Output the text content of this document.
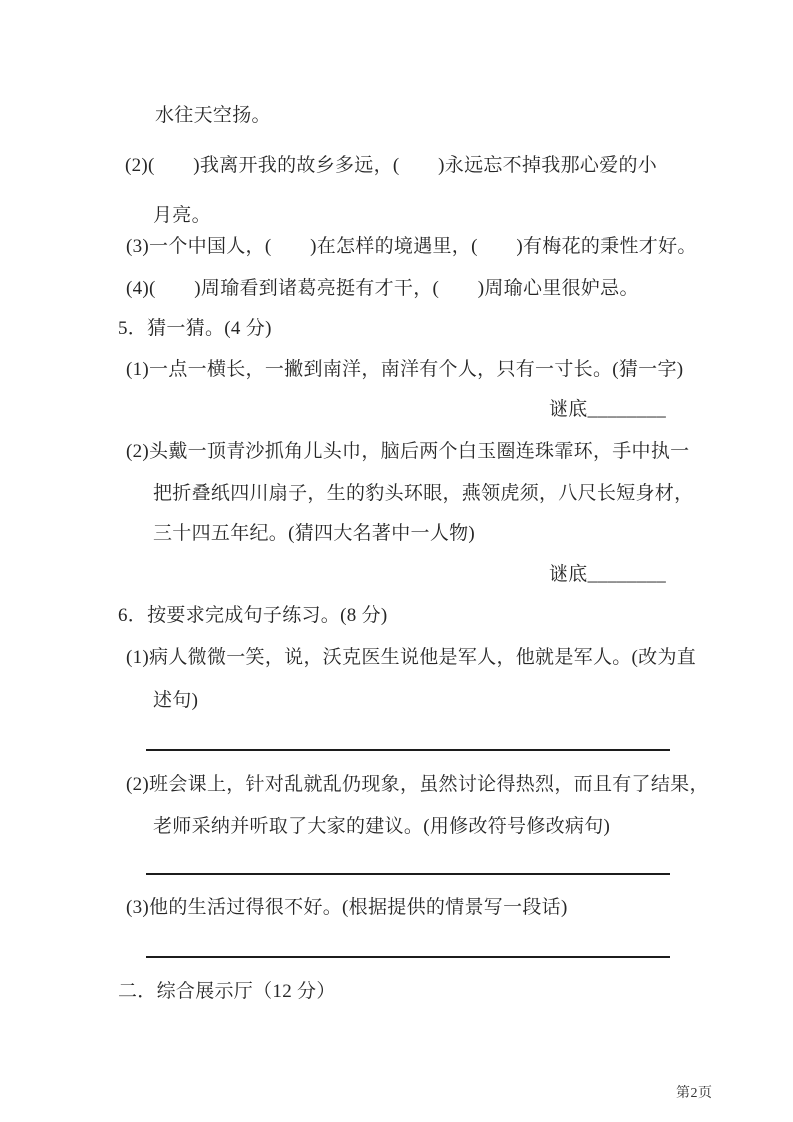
水往天空扬。
(2)(　　)我离开我的故乡多远，(　　)永远忘不掉我那心爱的小
月亮。
(3)一个中国人，(　　)在怎样的境遇里，(　　)有梅花的秉性才好。
(4)(　　)周瑜看到诸葛亮挺有才干，(　　)周瑜心里很妒忌。
5．猜一猜。(4 分)
(1)一点一横长，一撇到南洋，南洋有个人，只有一寸长。(猜一字)
谜底________
(2)头戴一顶青沙抓角儿头巾，脑后两个白玉圈连珠霏环，手中执一
把折叠纸四川扇子，生的豹头环眼，燕领虎须，八尺长短身材，
三十四五年纪。(猜四大名著中一人物)
谜底________
6．按要求完成句子练习。(8 分)
(1)病人微微一笑，说，沃克医生说他是军人，他就是军人。(改为直
述句)
(2)班会课上，针对乱就乱仍现象，虽然讨论得热烈，而且有了结果，
老师采纳并听取了大家的建议。(用修改符号修改病句)
(3)他的生活过得很不好。(根据提供的情景写一段话)
二．综合展示厅（12 分）
第2页
